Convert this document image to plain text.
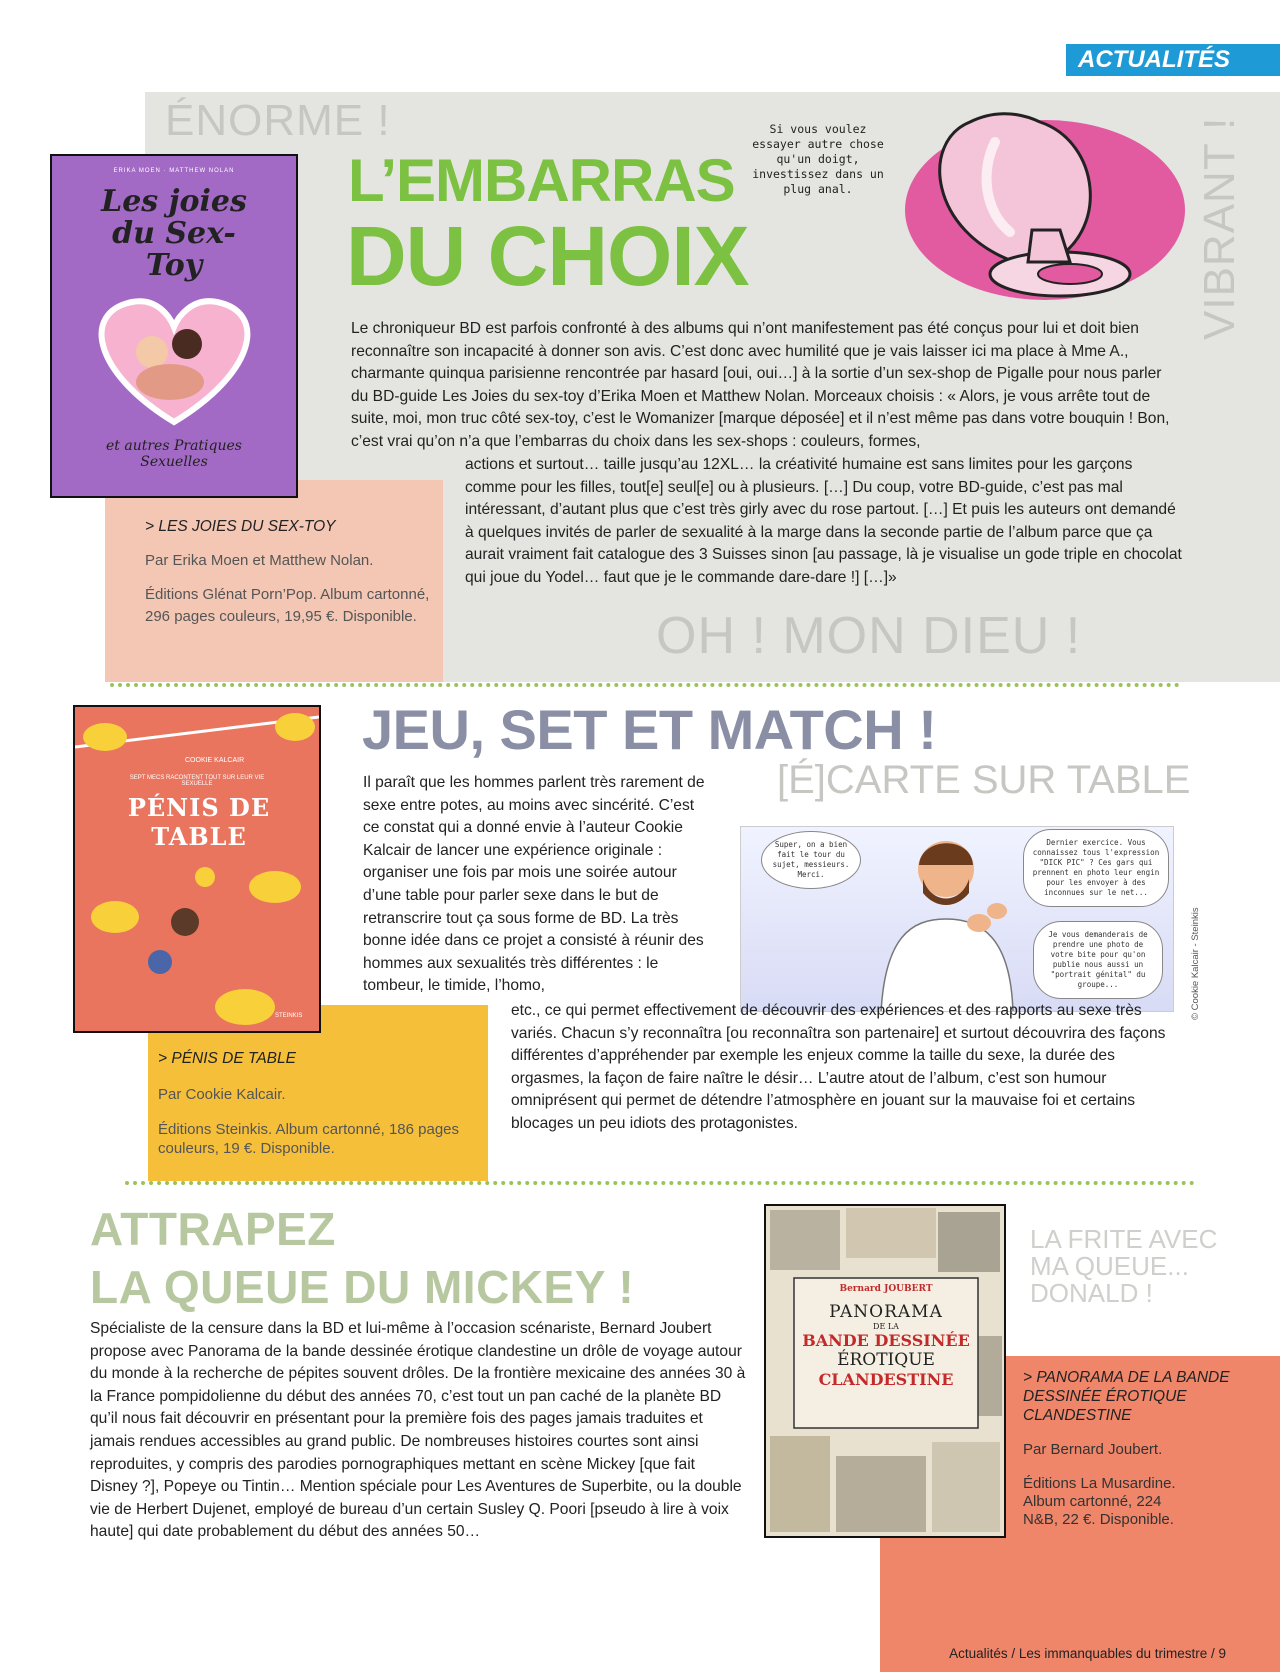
ACTUALITÉS
ÉNORME !	VIBRANT !
L’EMBARRAS
DU CHOIX
Si vous voulez essayer autre chose qu'un doigt, investissez dans un plug anal.
ERIKA MOEN · MATTHEW NOLAN
Les joies du Sex-Toy
et autres Pratiques Sexuelles
Le chroniqueur BD est parfois confronté à des albums qui n’ont manifestement pas été conçus pour lui et doit bien reconnaître son incapacité à donner son avis. C’est donc avec humilité que je vais laisser ici ma place à Mme A., charmante quinqua parisienne rencontrée par hasard [oui, oui…] à la sortie d’un sex-shop de Pigalle pour nous parler du BD-guide Les Joies du sex-toy d’Erika Moen et Matthew Nolan. Morceaux choisis : « Alors, je vous arrête tout de suite, moi, mon truc côté sex-toy, c’est le Womanizer [marque déposée] et il n’est même pas dans votre bouquin ! Bon, c’est vrai qu’on n’a que l’embarras du choix dans les sex-shops : couleurs, formes,
actions et surtout… taille jusqu’au 12XL… la créativité humaine est sans limites pour les garçons comme pour les filles, tout[e] seul[e] ou à plusieurs. […] Du coup, votre BD-guide, c’est pas mal intéressant, d’autant plus que c’est très girly avec du rose partout. […] Et puis les auteurs ont demandé à quelques invités de parler de sexualité à la marge dans la seconde partie de l’album parce que ça aurait vraiment fait catalogue des 3 Suisses sinon [au passage, là je visualise un gode triple en chocolat qui joue du Yodel… faut que je le commande dare-dare !] […]»
> LES JOIES DU SEX-TOY
Par Erika Moen et Matthew Nolan.
Éditions Glénat Porn’Pop. Album cartonné, 296 pages couleurs, 19,95 €. Disponible.	OH ! MON DIEU !
JEU, SET ET MATCH !
[É]CARTE SUR TABLE
COOKIE KALCAIR
SEPT MECS RACONTENT TOUT SUR LEUR VIE SEXUELLE
PÉNIS DE TABLE
STEINKIS
Il paraît que les hommes parlent très rarement de sexe entre potes, au moins avec sincérité. C’est ce constat qui a donné envie à l’auteur Cookie Kalcair de lancer une expérience originale : organiser une fois par mois une soirée autour d’une table pour parler sexe dans le but de retranscrire tout ça sous forme de BD. La très bonne idée dans ce projet a consisté à réunir des hommes aux sexualités très différentes : le tombeur, le timide, l’homo,
Super, on a bien fait le tour du sujet, messieurs. Merci.
Dernier exercice. Vous connaissez tous l'expression "DICK PIC" ? Ces gars qui prennent en photo leur engin pour les envoyer à des inconnues sur le net...
Je vous demanderais de prendre une photo de votre bite pour qu'on publie nous aussi un "portrait génital" du groupe...	© Cookie Kalcair - Steinkis
etc., ce qui permet effectivement de découvrir des expériences et des rapports au sexe très variés. Chacun s’y reconnaîtra [ou reconnaîtra son partenaire] et surtout découvrira des façons différentes d’appréhender par exemple les enjeux comme la taille du sexe, la durée des orgasmes, la façon de faire naître le désir… L’autre atout de l’album, c’est son humour omniprésent qui permet de détendre l’atmosphère en jouant sur la mauvaise foi et certains blocages un peu idiots des protagonistes.
> PÉNIS DE TABLE
Par Cookie Kalcair.
Éditions Steinkis. Album cartonné, 186 pages couleurs, 19 €. Disponible.
ATTRAPEZ
LA QUEUE DU MICKEY !
LA FRITE AVEC MA QUEUE... DONALD !
Spécialiste de la censure dans la BD et lui-même à l’occasion scénariste, Bernard Joubert propose avec Panorama de la bande dessinée érotique clandestine un drôle de voyage autour du monde à la recherche de pépites souvent drôles. De la frontière mexicaine des années 30 à la France pompidolienne du début des années 70, c’est tout un pan caché de la planète BD qu’il nous fait découvrir en présentant pour la première fois des pages jamais traduites et jamais rendues accessibles au grand public. De nombreuses histoires courtes sont ainsi reproduites, y compris des parodies pornographiques mettant en scène Mickey [que fait Disney ?], Popeye ou Tintin… Mention spéciale pour Les Aventures de Superbite, ou la double vie de Herbert Dujenet, employé de bureau d’un certain Susley Q. Poori [pseudo à lire à voix haute] qui date probablement du début des années 50…
Bernard JOUBERT
PANORAMA
DE LA
BANDE DESSINÉE
ÉROTIQUE
CLANDESTINE	> PANORAMA DE LA BANDE DESSINÉE ÉROTIQUE CLANDESTINE
Par Bernard Joubert.
Éditions La Musardine. Album cartonné, 224 N&B, 22 €. Disponible.
Actualités / Les immanquables du trimestre / 9
